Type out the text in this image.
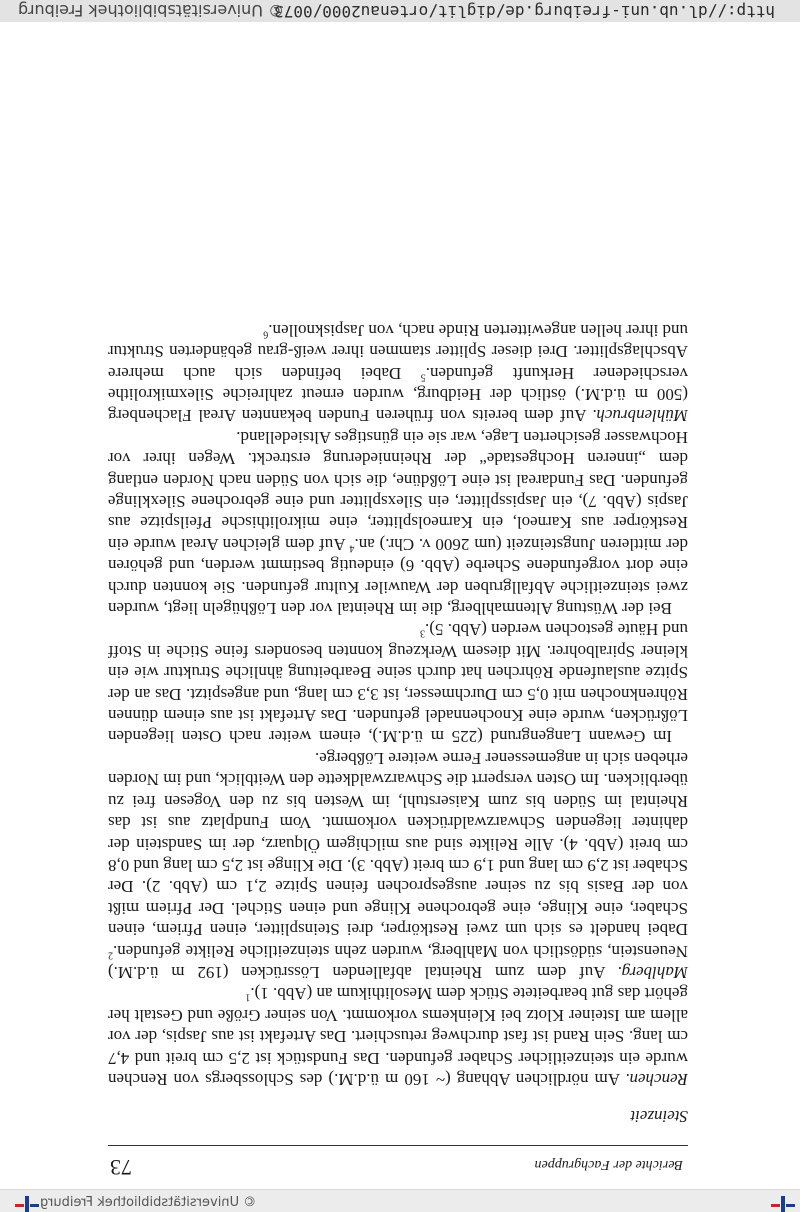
© Universitätsbibliothek Freiburg
Berichte der Fachgruppen
73
Steinzeit

Renchen. Am nördlichen Abhang (~ 160 m ü.d.M.) des Schlossbergs von Renchen wurde ein steinzeitlicher Schaber gefunden. Das Fundstück ist 2,5 cm breit und 4,7 cm lang. Sein Rand ist fast durchweg retuschiert. Das Artefakt ist aus Jaspis, der vor allem am Isteiner Klotz bei Kleinkems vorkommt. Von seiner Größe und Gestalt her gehört das gut bearbeitete Stück dem Mesolithikum an (Abb. 1).$^1$

Mahlberg. Auf dem zum Rheintal abfallenden Lössrücken (192 m ü.d.M.) Neuenstein, südöstlich von Mahlberg, wurden zehn steinzeitliche Relikte gefunden.$^2$ Dabei handelt es sich um zwei Restkörper, drei Steinsplitter, einen Pfriem, einen Schaber, eine Klinge, eine gebrochene Klinge und einen Stichel. Der Pfriem mißt von der Basis bis zu seiner ausgesprochen feinen Spitze 2,1 cm (Abb. 2). Der Schaber ist 2,9 cm lang und 1,9 cm breit (Abb. 3). Die Klinge ist 2,5 cm lang und 0,8 cm breit (Abb. 4). Alle Relikte sind aus milchigem Ölquarz, der im Sandstein der dahinter liegenden Schwarzwaldrücken vorkommt. Vom Fundplatz aus ist das Rheintal im Süden bis zum Kaiserstuhl, im Westen bis zu den Vogesen frei zu überblicken. Im Osten versperrt die Schwarzwaldkette den Weitblick, und im Norden erheben sich in angemessener Ferne weitere Lößberge.

Im Gewann Langengrund (225 m ü.d.M.), einem weiter nach Osten liegenden Lößrücken, wurde eine Knochennadel gefunden. Das Artefakt ist aus einem dünnen Röhrenknochen mit 0,5 cm Durchmesser, ist 3,3 cm lang, und angespitzt. Das an der Spitze auslaufende Röhrchen hat durch seine Bearbeitung ähnliche Struktur wie ein kleiner Spiralbohrer. Mit diesem Werkzeug konnten besonders feine Stiche in Stoff und Häute gestochen werden (Abb. 5).$^3$

Bei der Wüstung Altenmahlberg, die im Rheintal vor den Lößhügeln liegt, wurden zwei steinzeitliche Abfallgruben der Wauwiler Kultur gefunden. Sie konnten durch eine dort vorgefundene Scherbe (Abb. 6) eindeutig bestimmt werden, und gehören der mittleren Jungsteinzeit (um 2600 v. Chr.) an.$^4$ Auf dem gleichen Areal wurde ein Restkörper aus Karneol, ein Karneolsplitter, eine mikrolithische Pfeilspitze aus Jaspis (Abb. 7), ein Jaspissplitter, ein Silexsplitter und eine gebrochene Silexklinge gefunden. Das Fundareal ist eine Lößdüne, die sich von Süden nach Norden entlang dem „inneren Hochgestade“ der Rheinniederung erstreckt. Wegen ihrer vor Hochwasser gesicherten Lage, war sie ein günstiges Altsiedelland.

Mühlenbruch. Auf dem bereits von früheren Funden bekannten Areal Flachenberg (500 m ü.d.M.) östlich der Heidburg, wurden erneut zahlreiche Silexmikrolithe verschiedener Herkunft gefunden.$^5$ Dabei befinden sich auch mehrere Abschlagsplitter. Drei dieser Splitter stammen ihrer weiß-grau gebänderten Struktur und ihrer hellen angewitterten Rinde nach, von Jaspisknollen.$^6$

http://dl.ub.uni-freiburg.de/diglit/ortenau2000/0073
© Universitätsbibliothek Freiburg
